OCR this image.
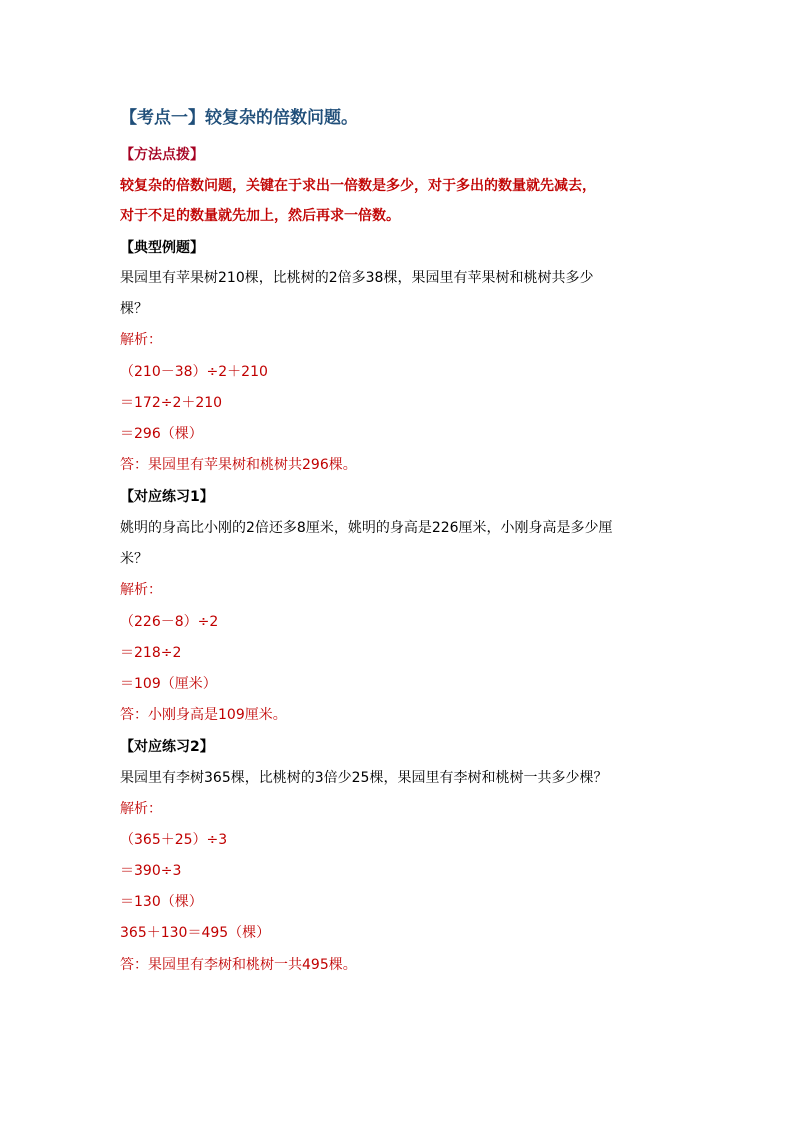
【考点一】较复杂的倍数问题。
【方法点拨】
较复杂的倍数问题，关键在于求出一倍数是多少，对于多出的数量就先减去，
对于不足的数量就先加上，然后再求一倍数。
【典型例题】
果园里有苹果树210棵，比桃树的2倍多38棵，果园里有苹果树和桃树共多少
棵？
解析：
（210－38）÷2＋210
＝172÷2＋210
＝296（棵）
答：果园里有苹果树和桃树共296棵。
【对应练习1】
姚明的身高比小刚的2倍还多8厘米，姚明的身高是226厘米，小刚身高是多少厘
米？
解析：
（226－8）÷2
＝218÷2
＝109（厘米）
答：小刚身高是109厘米。
【对应练习2】
果园里有李树365棵，比桃树的3倍少25棵，果园里有李树和桃树一共多少棵？
解析：
（365＋25）÷3
＝390÷3
＝130（棵）
365＋130＝495（棵）
答：果园里有李树和桃树一共495棵。
